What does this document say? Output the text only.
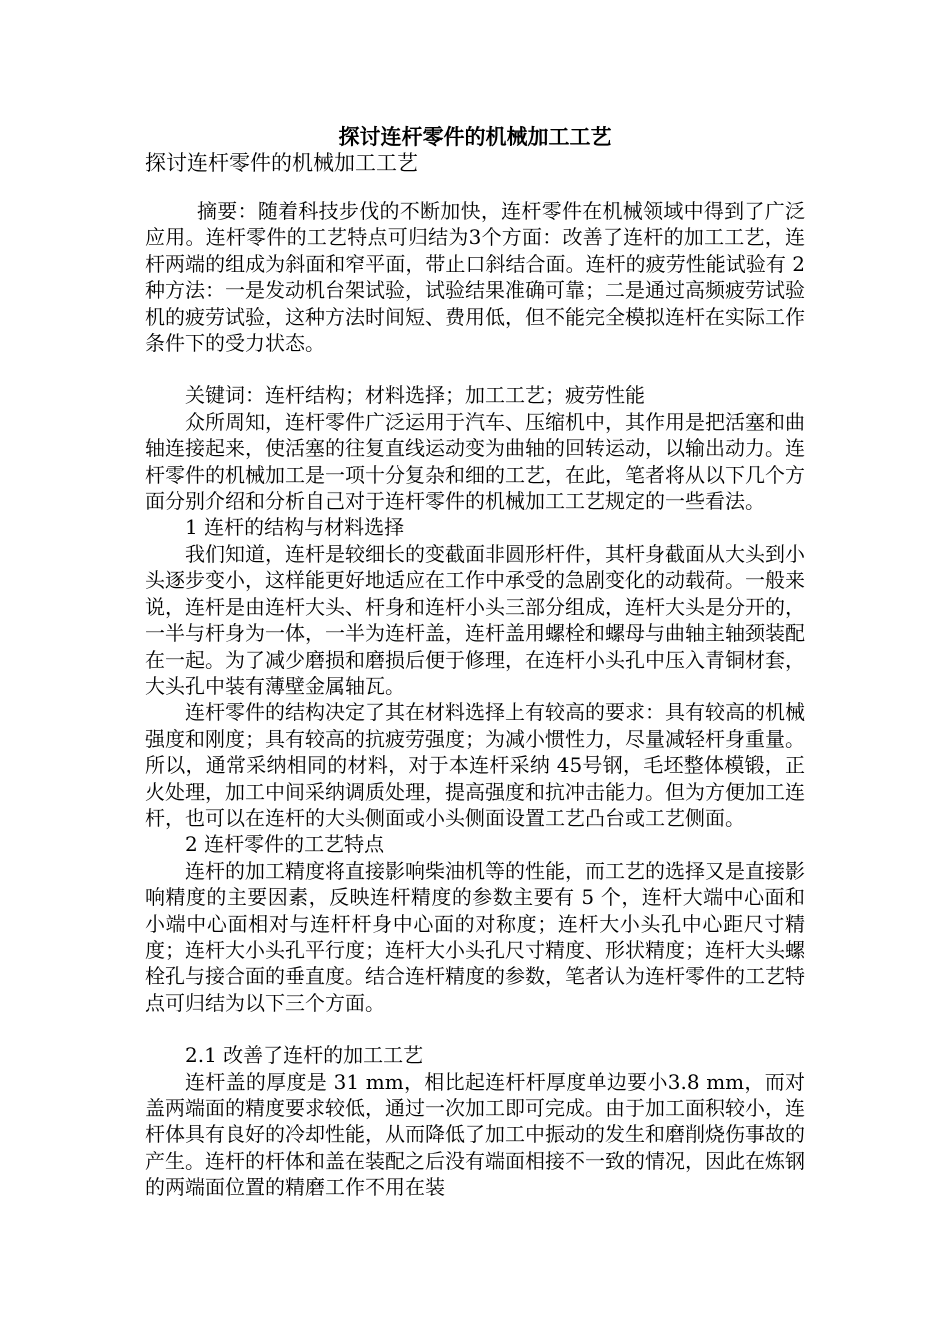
探讨连杆零件的机械加工工艺
探讨连杆零件的机械加工工艺

摘要：随着科技步伐的不断加快，连杆零件在机械领域中得到了广泛应用。连杆零件的工艺特点可归结为3个方面：改善了连杆的加工工艺，连杆两端的组成为斜面和窄平面，带止口斜结合面。连杆的疲劳性能试验有 2 种方法：一是发动机台架试验，试验结果准确可靠；二是通过高频疲劳试验机的疲劳试验，这种方法时间短、费用低，但不能完全模拟连杆在实际工作条件下的受力状态。

关键词：连杆结构；材料选择；加工工艺；疲劳性能

众所周知，连杆零件广泛运用于汽车、压缩机中，其作用是把活塞和曲轴连接起来，使活塞的往复直线运动变为曲轴的回转运动，以输出动力。连杆零件的机械加工是一项十分复杂和细的工艺，在此，笔者将从以下几个方面分别介绍和分析自己对于连杆零件的机械加工工艺规定的一些看法。

1 连杆的结构与材料选择

我们知道，连杆是较细长的变截面非圆形杆件，其杆身截面从大头到小头逐步变小，这样能更好地适应在工作中承受的急剧变化的动载荷。一般来说，连杆是由连杆大头、杆身和连杆小头三部分组成，连杆大头是分开的，一半与杆身为一体，一半为连杆盖，连杆盖用螺栓和螺母与曲轴主轴颈装配在一起。为了减少磨损和磨损后便于修理，在连杆小头孔中压入青铜材套，大头孔中装有薄壁金属轴瓦。

连杆零件的结构决定了其在材料选择上有较高的要求：具有较高的机械强度和刚度；具有较高的抗疲劳强度；为减小惯性力，尽量减轻杆身重量。所以，通常采纳相同的材料，对于本连杆采纳 45号钢，毛坯整体模锻，正火处理，加工中间采纳调质处理，提高强度和抗冲击能力。但为方便加工连杆，也可以在连杆的大头侧面或小头侧面设置工艺凸台或工艺侧面。

2 连杆零件的工艺特点

连杆的加工精度将直接影响柴油机等的性能，而工艺的选择又是直接影响精度的主要因素，反映连杆精度的参数主要有 5 个，连杆大端中心面和小端中心面相对与连杆杆身中心面的对称度；连杆大小头孔中心距尺寸精度；连杆大小头孔平行度；连杆大小头孔尺寸精度、形状精度；连杆大头螺栓孔与接合面的垂直度。结合连杆精度的参数，笔者认为连杆零件的工艺特点可归结为以下三个方面。

2.1 改善了连杆的加工工艺

连杆盖的厚度是 31 mm，相比起连杆杆厚度单边要小3.8 mm，而对盖两端面的精度要求较低，通过一次加工即可完成。由于加工面积较小，连杆体具有良好的冷却性能，从而降低了加工中振动的发生和磨削烧伤事故的产生。连杆的杆体和盖在装配之后没有端面相接不一致的情况，因此在炼钢的两端面位置的精磨工作不用在装
